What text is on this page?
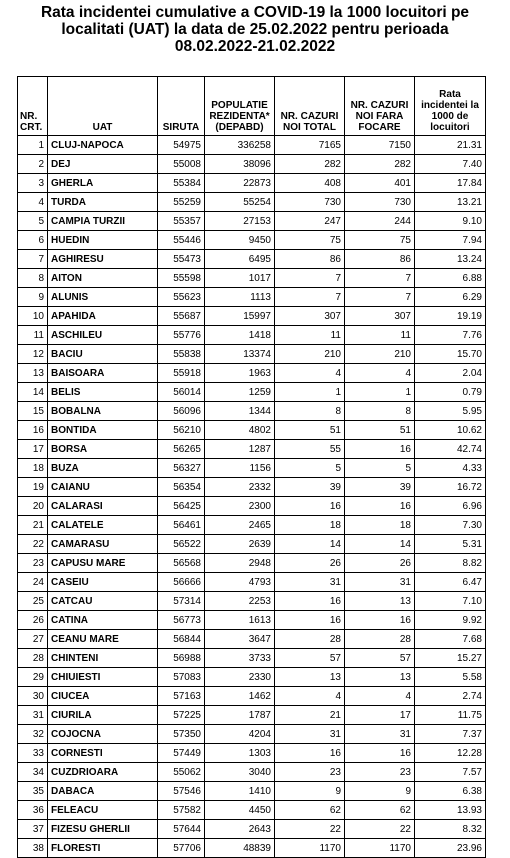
Rata incidentei cumulative a COVID-19 la 1000 locuitori pe
localitati (UAT) la data de 25.02.2022 pentru perioada
08.02.2022-21.02.2022
NR. CRT.	UAT	SIRUTA	POPULATIE REZIDENTA* (DEPABD)	NR. CAZURI NOI TOTAL	NR. CAZURI NOI FARA FOCARE	Rata incidentei la 1000 de locuitori
1	CLUJ-NAPOCA	54975	336258	7165	7150	21.31
2	DEJ	55008	38096	282	282	7.40
3	GHERLA	55384	22873	408	401	17.84
4	TURDA	55259	55254	730	730	13.21
5	CAMPIA TURZII	55357	27153	247	244	9.10
6	HUEDIN	55446	9450	75	75	7.94
7	AGHIRESU	55473	6495	86	86	13.24
8	AITON	55598	1017	7	7	6.88
9	ALUNIS	55623	1113	7	7	6.29
10	APAHIDA	55687	15997	307	307	19.19
11	ASCHILEU	55776	1418	11	11	7.76
12	BACIU	55838	13374	210	210	15.70
13	BAISOARA	55918	1963	4	4	2.04
14	BELIS	56014	1259	1	1	0.79
15	BOBALNA	56096	1344	8	8	5.95
16	BONTIDA	56210	4802	51	51	10.62
17	BORSA	56265	1287	55	16	42.74
18	BUZA	56327	1156	5	5	4.33
19	CAIANU	56354	2332	39	39	16.72
20	CALARASI	56425	2300	16	16	6.96
21	CALATELE	56461	2465	18	18	7.30
22	CAMARASU	56522	2639	14	14	5.31
23	CAPUSU MARE	56568	2948	26	26	8.82
24	CASEIU	56666	4793	31	31	6.47
25	CATCAU	57314	2253	16	13	7.10
26	CATINA	56773	1613	16	16	9.92
27	CEANU MARE	56844	3647	28	28	7.68
28	CHINTENI	56988	3733	57	57	15.27
29	CHIUIESTI	57083	2330	13	13	5.58
30	CIUCEA	57163	1462	4	4	2.74
31	CIURILA	57225	1787	21	17	11.75
32	COJOCNA	57350	4204	31	31	7.37
33	CORNESTI	57449	1303	16	16	12.28
34	CUZDRIOARA	55062	3040	23	23	7.57
35	DABACA	57546	1410	9	9	6.38
36	FELEACU	57582	4450	62	62	13.93
37	FIZESU GHERLII	57644	2643	22	22	8.32
38	FLORESTI	57706	48839	1170	1170	23.96
